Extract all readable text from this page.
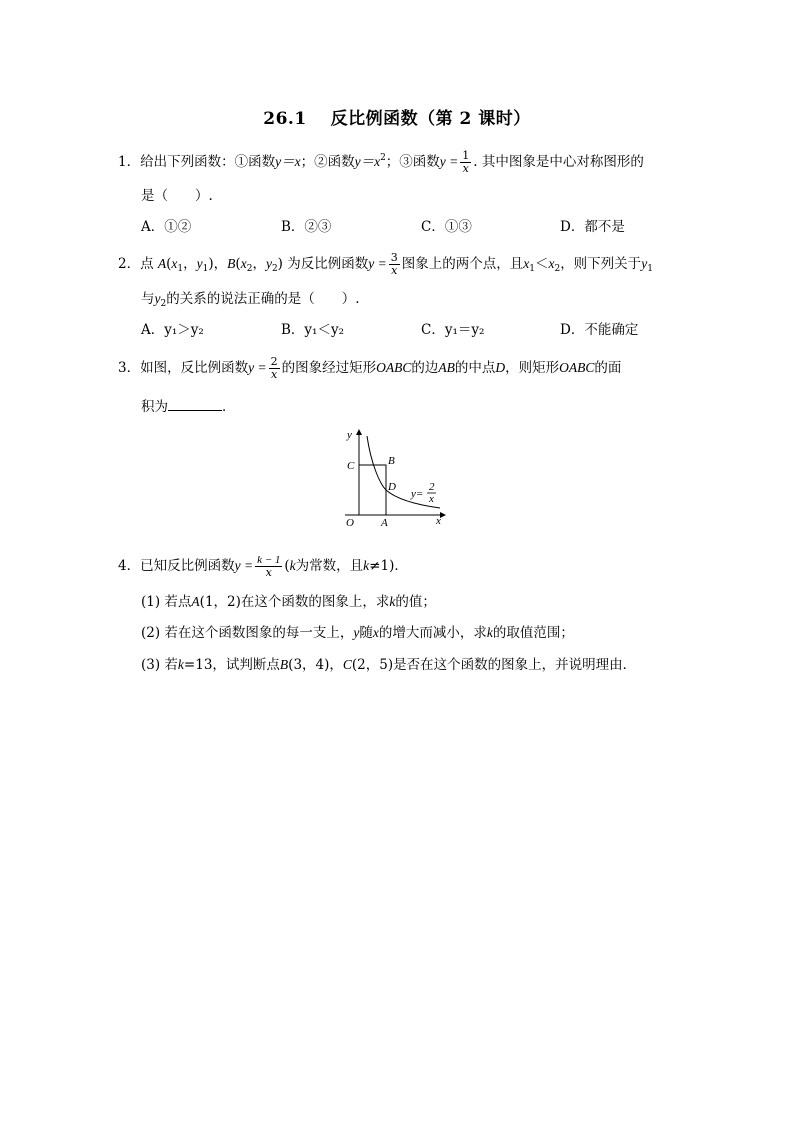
26.1　 反比例函数（第 2 课时）
1．给出下列函数：①函数y＝x；②函数$y=x^2$；③函数$y = \frac{1}{x}$ . 其中图象是中心对称图形的
是（　　）.
A．①②	B．②③	C．①③	D．都不是
2．点 $A(x_1$，$y_1$)，$B(x_2$，$y_2$) 为反比例函数$y = \frac{3}{x}$ 图象上的两个点，且$x_1<x_2$，则下列关于$y_1$
与$y_2$的关系的说法正确的是（　　）.
A．y₁＞y₂	B．y₁＜y₂	C．y₁＝y₂	D．不能确定
3．如图，反比例函数$y = \frac{2}{x}$ 的图象经过矩形OABC的边AB的中点D，则矩形OABC的面
积为	．
y
x
O A
B
C
D
y=
2
x
4．已知反比例函数$y = \frac{k - 1}{x} (k$为常数，且k≠1)．
(1) 若点A(1，2)在这个函数的图象上，求k的值；
(2) 若在这个函数图象的每一支上，y随x的增大而减小，求k的取值范围；
(3) 若k=13，试判断点B(3，4)，C(2，5)是否在这个函数的图象上，并说明理由．
